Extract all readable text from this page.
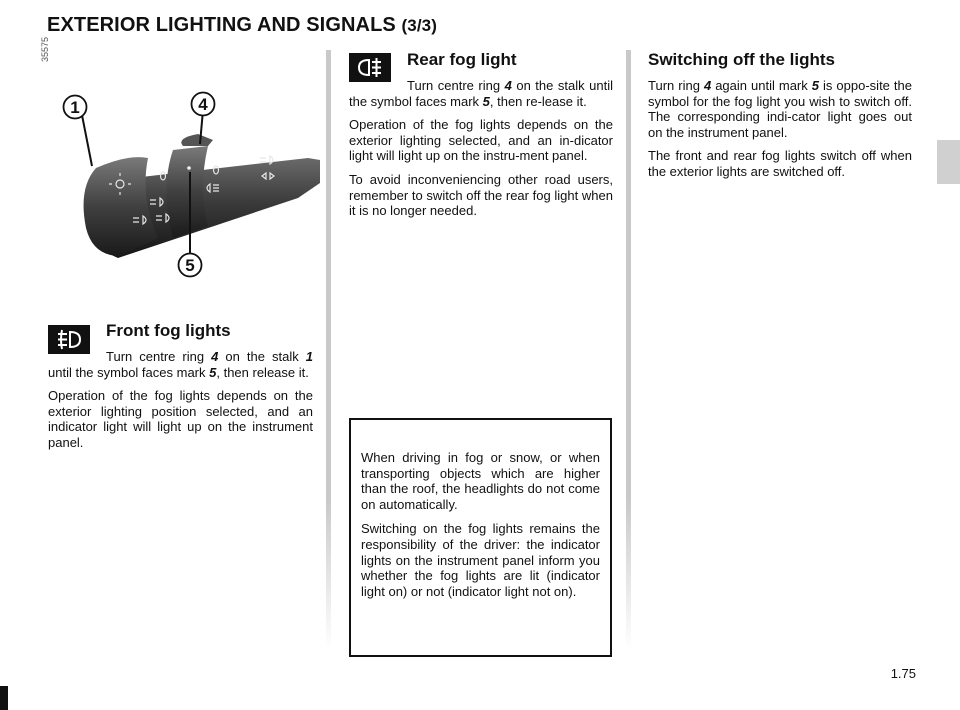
EXTERIOR LIGHTING AND SIGNALS (3/3)
35575
1	4
5
Front fog lights

Turn centre ring 4 on the stalk 1 until the symbol faces mark 5, then release it.

Operation of the fog lights depends on the exterior lighting position selected, and an indicator light will light up on the instrument panel.

Rear fog light

Turn centre ring 4 on the stalk until the symbol faces mark 5, then re-lease it.

Operation of the fog lights depends on the exterior lighting selected, and an in-dicator light will light up on the instru-ment panel.

To avoid inconveniencing other road users, remember to switch off the rear fog light when it is no longer needed.

When driving in fog or snow, or when transporting objects which are higher than the roof, the headlights do not come on automatically.

Switching on the fog lights remains the responsibility of the driver: the indicator lights on the instrument panel inform you whether the fog lights are lit (indicator light on) or not (indicator light not on).

Switching off the lights

Turn ring 4 again until mark 5 is oppo-site the symbol for the fog light you wish to switch off. The corresponding indi-cator light goes out on the instrument panel.

The front and rear fog lights switch off when the exterior lights are switched off.

1.75
